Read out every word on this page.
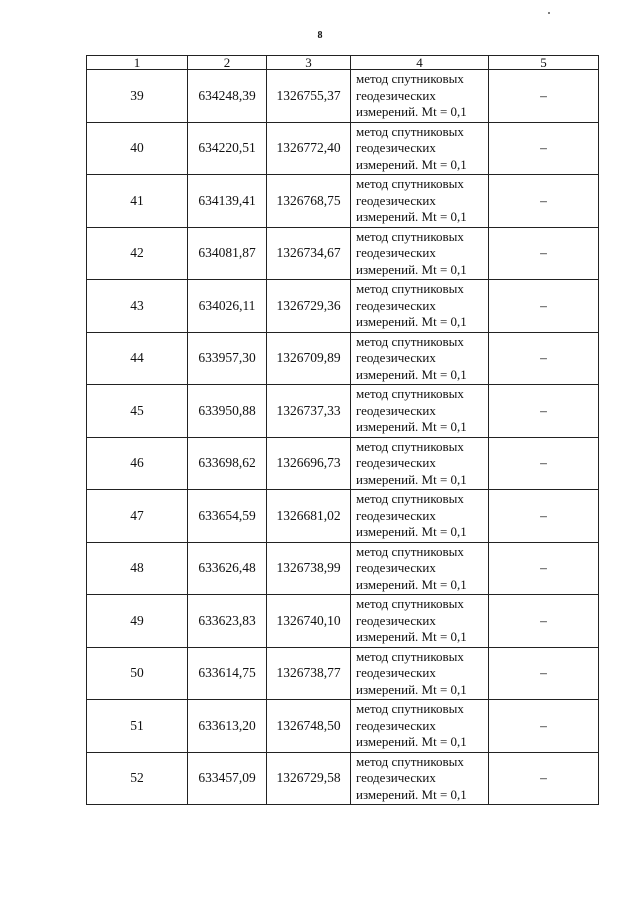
8
1	2	3	4	5
39	634248,39	1326755,37	метод спутниковых
геодезических
измерений. Mt = 0,1	–
40	634220,51	1326772,40	метод спутниковых
геодезических
измерений. Mt = 0,1	–
41	634139,41	1326768,75	метод спутниковых
геодезических
измерений. Mt = 0,1	–
42	634081,87	1326734,67	метод спутниковых
геодезических
измерений. Mt = 0,1	–
43	634026,11	1326729,36	метод спутниковых
геодезических
измерений. Mt = 0,1	–
44	633957,30	1326709,89	метод спутниковых
геодезических
измерений. Mt = 0,1	–
45	633950,88	1326737,33	метод спутниковых
геодезических
измерений. Mt = 0,1	–
46	633698,62	1326696,73	метод спутниковых
геодезических
измерений. Mt = 0,1	–
47	633654,59	1326681,02	метод спутниковых
геодезических
измерений. Mt = 0,1	–
48	633626,48	1326738,99	метод спутниковых
геодезических
измерений. Mt = 0,1	–
49	633623,83	1326740,10	метод спутниковых
геодезических
измерений. Mt = 0,1	–
50	633614,75	1326738,77	метод спутниковых
геодезических
измерений. Mt = 0,1	–
51	633613,20	1326748,50	метод спутниковых
геодезических
измерений. Mt = 0,1	–
52	633457,09	1326729,58	метод спутниковых
геодезических
измерений. Mt = 0,1	–
